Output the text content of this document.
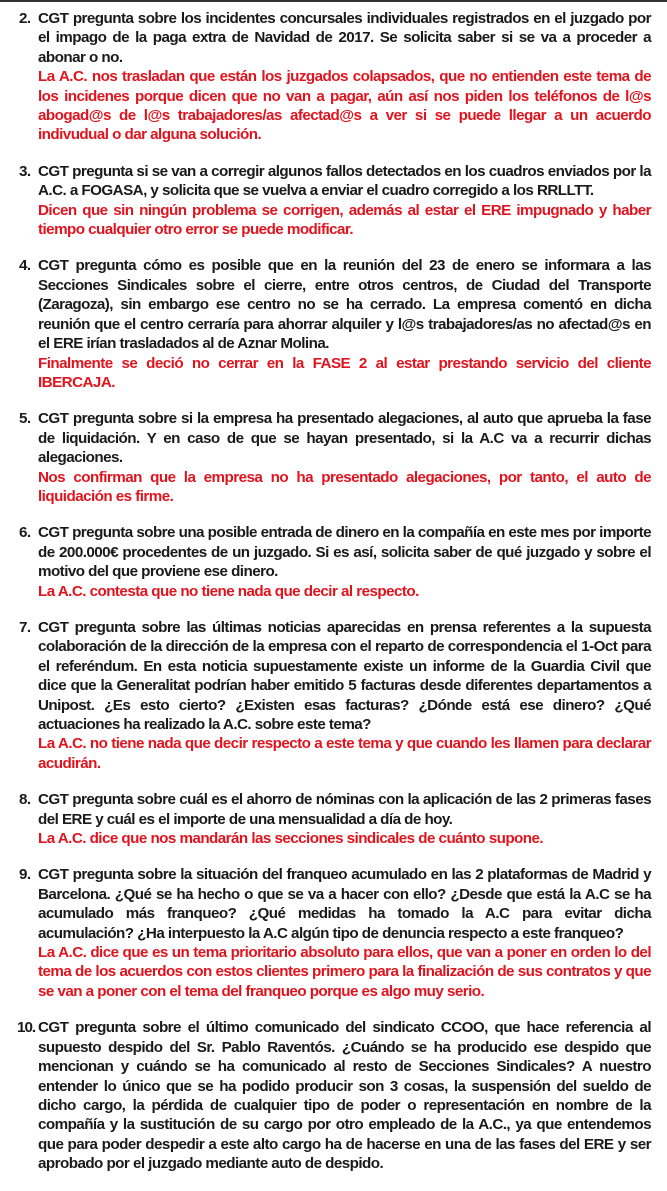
2. CGT pregunta sobre los incidentes concursales individuales registrados en el juzgado por el impago de la paga extra de Navidad de 2017. Se solicita saber si se va a proceder a abonar o no.

La A.C. nos trasladan que están los juzgados colapsados, que no entienden este tema de los incidenes porque dicen que no van a pagar, aún así nos piden los teléfonos de l@s abogad@s de l@s trabajadores/as afectad@s a ver si se puede llegar a un acuerdo indivudual o dar alguna solución.

3. CGT pregunta si se van a corregir algunos fallos detectados en los cuadros enviados por la A.C. a FOGASA, y solicita que se vuelva a enviar el cuadro corregido a los RRLLTT.

Dicen que sin ningún problema se corrigen, además al estar el ERE impugnado y haber tiempo cualquier otro error se puede modificar.

4. CGT pregunta cómo es posible que en la reunión del 23 de enero se informara a las Secciones Sindicales sobre el cierre, entre otros centros, de Ciudad del Transporte (Zaragoza), sin embargo ese centro no se ha cerrado. La empresa comentó en dicha reunión que el centro cerraría para ahorrar alquiler y l@s trabajadores/as no afectad@s en el ERE irían trasladados al de Aznar Molina.

Finalmente se deció no cerrar en la FASE 2 al estar prestando servicio del cliente IBERCAJA.

5. CGT pregunta sobre si la empresa ha presentado alegaciones, al auto que aprueba la fase de liquidación. Y en caso de que se hayan presentado, si la A.C va a recurrir dichas alegaciones.

Nos confirman que la empresa no ha presentado alegaciones, por tanto, el auto de liquidación es firme.

6. CGT pregunta sobre una posible entrada de dinero en la compañía en este mes por importe de 200.000€ procedentes de un juzgado. Si es así, solicita saber de qué juzgado y sobre el motivo del que proviene ese dinero.

La A.C. contesta que no tiene nada que decir al respecto.

7. CGT pregunta sobre las últimas noticias aparecidas en prensa referentes a la supuesta colaboración de la dirección de la empresa con el reparto de correspondencia el 1-Oct para el referéndum. En esta noticia supuestamente existe un informe de la Guardia Civil que dice que la Generalitat podrían haber emitido 5 facturas desde diferentes departamentos a Unipost. ¿Es esto cierto? ¿Existen esas facturas? ¿Dónde está ese dinero? ¿Qué actuaciones ha realizado la A.C. sobre este tema?

La A.C. no tiene nada que decir respecto a este tema y que cuando les llamen para declarar acudirán.

8. CGT pregunta sobre cuál es el ahorro de nóminas con la aplicación de las 2 primeras fases del ERE y cuál es el importe de una mensualidad a día de hoy.

La A.C. dice que nos mandarán las secciones sindicales de cuánto supone.

9. CGT pregunta sobre la situación del franqueo acumulado en las 2 plataformas de Madrid y Barcelona. ¿Qué se ha hecho o que se va a hacer con ello? ¿Desde que está la A.C se ha acumulado más franqueo? ¿Qué medidas ha tomado la A.C para evitar dicha acumulación? ¿Ha interpuesto la A.C algún tipo de denuncia respecto a este franqueo?

La A.C. dice que es un tema prioritario absoluto para ellos, que van a poner en orden lo del tema de los acuerdos con estos clientes primero para la finalización de sus contratos y que se van a poner con el tema del franqueo porque es algo muy serio.

10. CGT pregunta sobre el último comunicado del sindicato CCOO, que hace referencia al supuesto despido del Sr. Pablo Raventós. ¿Cuándo se ha producido ese despido que mencionan y cuándo se ha comunicado al resto de Secciones Sindicales? A nuestro entender lo único que se ha podido producir son 3 cosas, la suspensión del sueldo de dicho cargo, la pérdida de cualquier tipo de poder o representación en nombre de la compañía y la sustitución de su cargo por otro empleado de la A.C., ya que entendemos que para poder despedir a este alto cargo ha de hacerse en una de las fases del ERE y ser aprobado por el juzgado mediante auto de despido.
